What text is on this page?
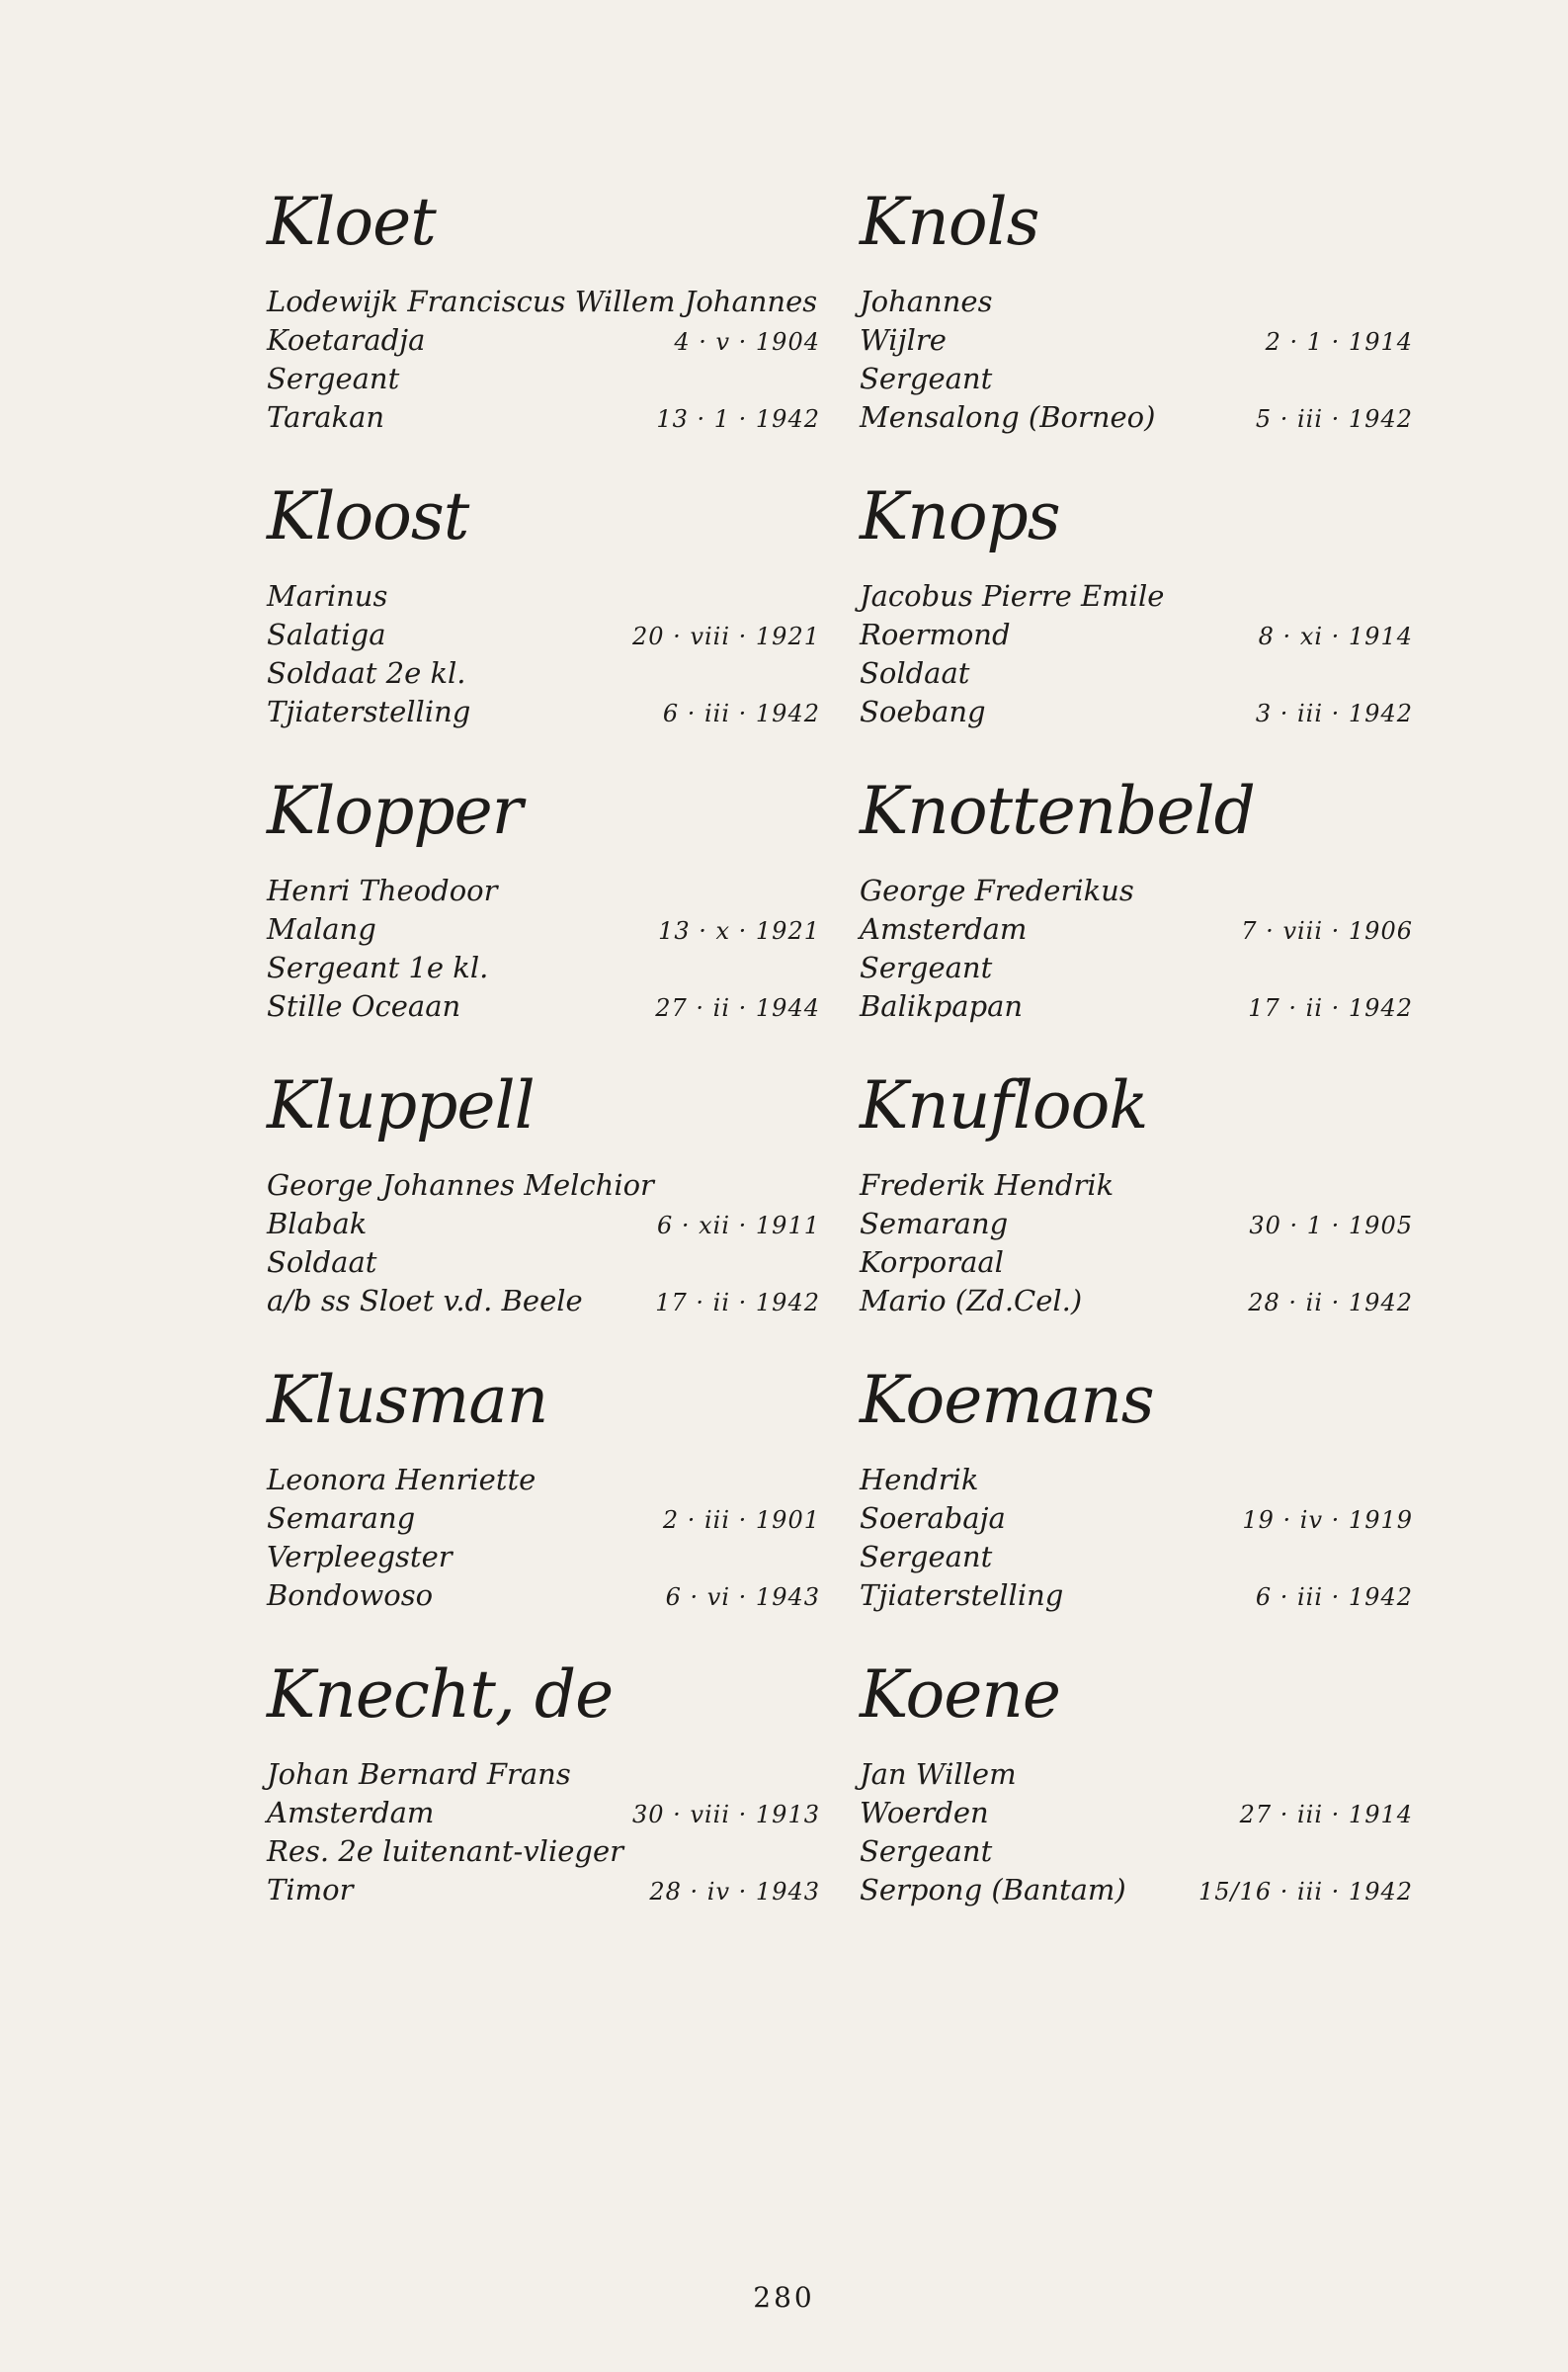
Kloet
Lodewijk Franciscus Willem Johannes
Koetaradja	4 · v · 1904
Sergeant
Tarakan	13 · 1 · 1942
Kloost
Marinus
Salatiga	20 · viii · 1921
Soldaat 2e kl.
Tjiaterstelling	6 · iii · 1942
Klopper
Henri Theodoor
Malang	13 · x · 1921
Sergeant 1e kl.
Stille Oceaan	27 · ii · 1944
Kluppell
George Johannes Melchior
Blabak	6 · xii · 1911
Soldaat
a/b ss Sloet v.d. Beele	17 · ii · 1942
Klusman
Leonora Henriette
Semarang	2 · iii · 1901
Verpleegster
Bondowoso	6 · vi · 1943
Knecht, de
Johan Bernard Frans
Amsterdam	30 · viii · 1913
Res. 2e luitenant-vlieger
Timor	28 · iv · 1943
Knols
Johannes
Wijlre	2 · 1 · 1914
Sergeant
Mensalong (Borneo)	5 · iii · 1942
Knops
Jacobus Pierre Emile
Roermond	8 · xi · 1914
Soldaat
Soebang	3 · iii · 1942
Knottenbeld
George Frederikus
Amsterdam	7 · viii · 1906
Sergeant
Balikpapan	17 · ii · 1942
Knuflook
Frederik Hendrik
Semarang	30 · 1 · 1905
Korporaal
Mario (Zd.Cel.)	28 · ii · 1942
Koemans
Hendrik
Soerabaja	19 · iv · 1919
Sergeant
Tjiaterstelling	6 · iii · 1942
Koene
Jan Willem
Woerden	27 · iii · 1914
Sergeant
Serpong (Bantam)	15/16 · iii · 1942
280
